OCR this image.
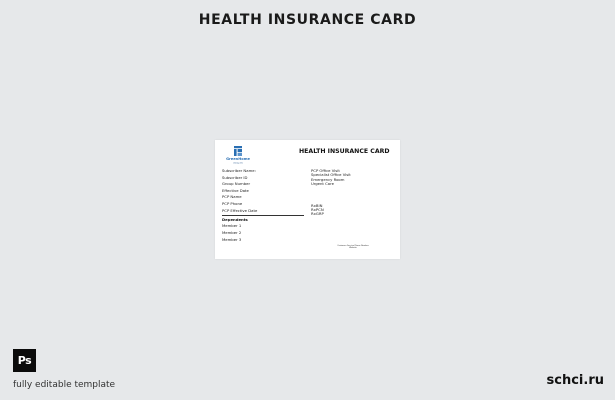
HEALTH INSURANCE CARD
GreenHome
HEALTH
HEALTH INSURANCE CARD
Subscriber Name:
Subscriber ID
Group Number
Effective Date
PCP Name
PCP Phone
PCP Effective Date
Dependents
Member 1
Member 2
Member 3
PCP Office Visit
Specialist Office Visit
Emergency Room
Urgent Care
RxBIN
RxPCN
RxGRP
Customer Service Phone Number
Website
Ps
fully editable template	schci.ru
